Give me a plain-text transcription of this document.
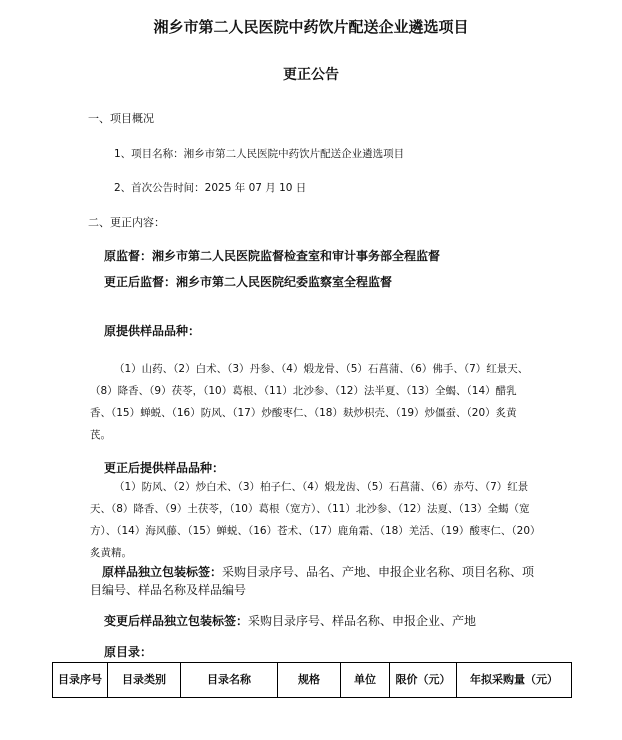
湘乡市第二人民医院中药饮片配送企业遴选项目
更正公告
一、项目概况
1、项目名称：湘乡市第二人民医院中药饮片配送企业遴选项目
2、首次公告时间：2025 年 07 月 10 日
二、更正内容：
原监督：湘乡市第二人民医院监督检查室和审计事务部全程监督
更正后监督：湘乡市第二人民医院纪委监察室全程监督
原提供样品品种：
（1）山药、（2）白术、（3）丹参、（4）煅龙骨、（5）石菖蒲、（6）佛手、（7）红景天、（8）降香、（9）茯苓，（10）葛根、（11）北沙参、（12）法半夏、（13）全蝎、（14）醋乳香、（15）蝉蜕、（16）防风、（17）炒酸枣仁、（18）麸炒枳壳、（19）炒僵蚕、（20）炙黄芪。
更正后提供样品品种：
（1）防风、（2）炒白术、（3）柏子仁、（4）煅龙齿、（5）石菖蒲、（6）赤芍、（7）红景天、（8）降香、（9）土茯苓，（10）葛根（宽方）、（11）北沙参、（12）法夏、（13）全蝎（宽方）、（14）海风藤、（15）蝉蜕、（16）苍术、（17）鹿角霜、（18）羌活、（19）酸枣仁、（20）炙黄精。
原样品独立包装标签：采购目录序号、品名、产地、申报企业名称、项目名称、项目编号、样品名称及样品编号
变更后样品独立包装标签：采购目录序号、样品名称、申报企业、产地
原目录：
目录序号	目录类别	目录名称	规格	单位	限价（元）	年拟采购量（元）
